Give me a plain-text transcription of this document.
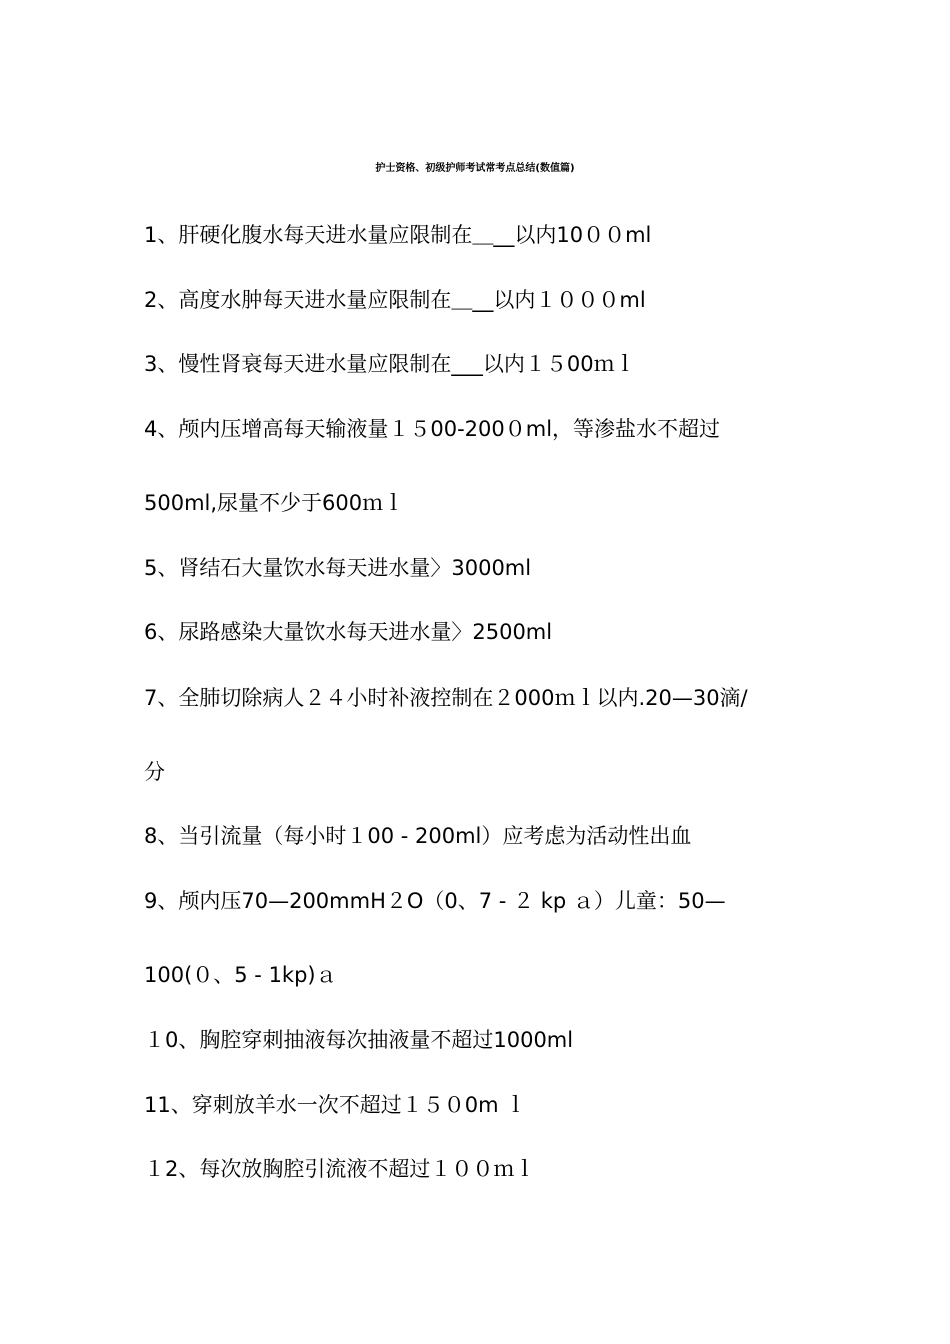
护士资格、初级护师考试常考点总结(数值篇)
1、肝硬化腹水每天进水量应限制在＿__以内10００ml
2、高度水肿每天进水量应限制在＿__以内１０００ml
3、慢性肾衰每天进水量应限制在___以内１５00ｍｌ
4、颅内压增高每天输液量１５00-200０ml，等渗盐水不超过
500ml,尿量不少于600ｍｌ
5、肾结石大量饮水每天进水量〉3000ml
6、尿路感染大量饮水每天进水量〉2500ml
7、全肺切除病人２４小时补液控制在２000ｍｌ以内.20—30滴/
分
8、当引流量（每小时１00 - 200ml）应考虑为活动性出血
9、颅内压70—200mmH２O（0、7 - ２ kp ａ）儿童：50—
100(０、5 - 1kp)ａ
１0、胸腔穿刺抽液每次抽液量不超过1000ml
11、穿刺放羊水一次不超过１５０0m ｌ
１2、每次放胸腔引流液不超过１００ｍｌ
